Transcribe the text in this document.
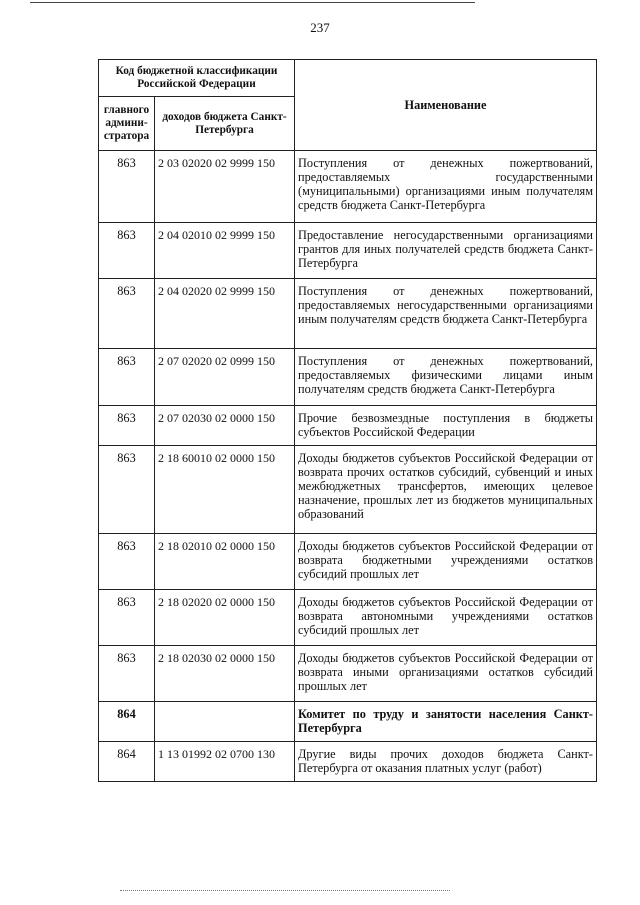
237
Код бюджетной классификации Российской Федерации		Наименование
главного админи-стратора	доходов бюджета Санкт-Петербурга	
863	2 03 02020 02 9999 150	Поступления от денежных пожертвований, предоставляемых государственными (муниципальными) организациями иным получателям средств бюджета Санкт-Петербурга
863	2 04 02010 02 9999 150	Предоставление негосударственными организациями грантов для иных получателей средств бюджета Санкт-Петербурга
863	2 04 02020 02 9999 150	Поступления от денежных пожертвований, предоставляемых негосударственными организациями иным получателям средств бюджета Санкт-Петербурга
863	2 07 02020 02 0999 150	Поступления от денежных пожертвований, предоставляемых физическими лицами иным получателям средств бюджета Санкт-Петербурга
863	2 07 02030 02 0000 150	Прочие безвозмездные поступления в бюджеты субъектов Российской Федерации
863	2 18 60010 02 0000 150	Доходы бюджетов субъектов Российской Федерации от возврата прочих остатков субсидий, субвенций и иных межбюджетных трансфертов, имеющих целевое назначение, прошлых лет из бюджетов муниципальных образований
863	2 18 02010 02 0000 150	Доходы бюджетов субъектов Российской Федерации от возврата бюджетными учреждениями остатков субсидий прошлых лет
863	2 18 02020 02 0000 150	Доходы бюджетов субъектов Российской Федерации от возврата автономными учреждениями остатков субсидий прошлых лет
863	2 18 02030 02 0000 150	Доходы бюджетов субъектов Российской Федерации от возврата иными организациями остатков субсидий прошлых лет
864		Комитет по труду и занятости населения Санкт-Петербурга
864	1 13 01992 02 0700 130	Другие виды прочих доходов бюджета Санкт-Петербурга от оказания платных услуг (работ)
